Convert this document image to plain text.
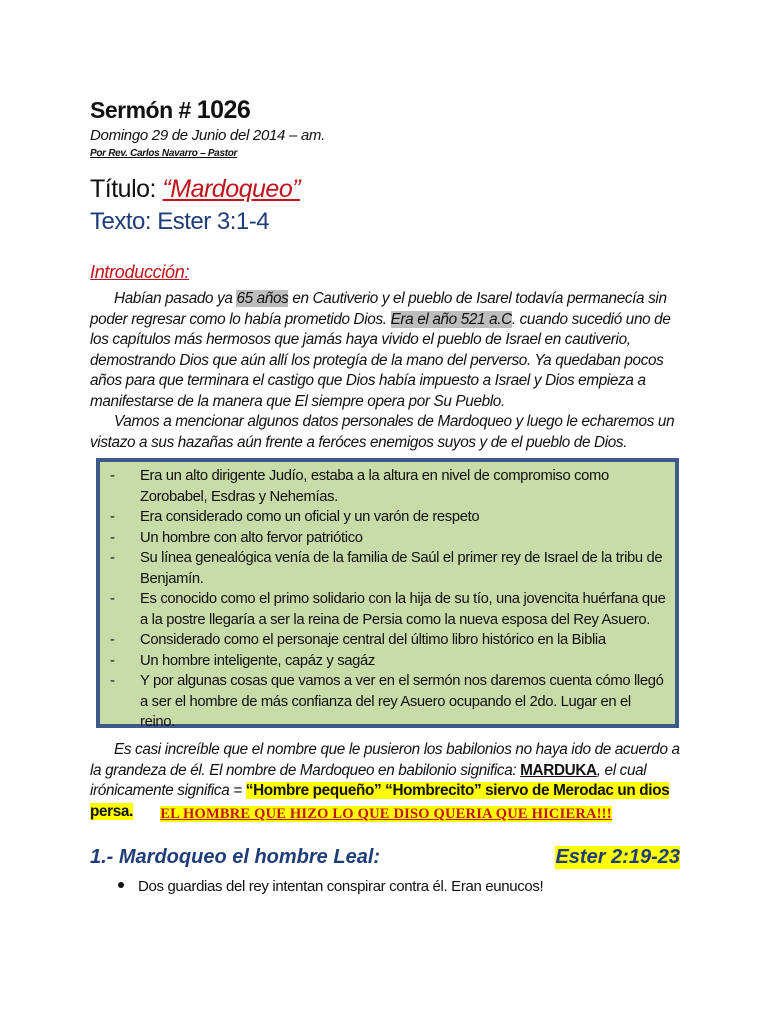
Sermón # 1026
Domingo 29 de Junio del 2014 – am.
Por Rev. Carlos Navarro – Pastor
Título: “Mardoqueo”
Texto: Ester 3:1-4
Introducción:
Habían pasado ya 65 años en Cautiverio y el pueblo de Isarel todavía permanecía sin poder regresar como lo había prometido Dios. Era el año 521 a.C. cuando sucedió uno de los capítulos más hermosos que jamás haya vivido el pueblo de Israel en cautiverio, demostrando Dios que aún allí los protegía de la mano del perverso. Ya quedaban pocos años para que terminara el castigo que Dios había impuesto a Israel y Dios empieza a manifestarse de la manera que El siempre opera por Su Pueblo.
Vamos a mencionar algunos datos personales de Mardoqueo y luego le echaremos un vistazo a sus hazañas aún frente a feróces enemigos suyos y de el pueblo de Dios.
- Era un alto dirigente Judío, estaba a la altura en nivel de compromiso como Zorobabel, Esdras y Nehemías.
- Era considerado como un oficial y un varón de respeto
- Un hombre con alto fervor patriótico
- Su línea genealógica venía de la familia de Saúl el primer rey de Israel de la tribu de Benjamín.
- Es conocido como el primo solidario con la hija de su tío, una jovencita huérfana que a la postre llegaría a ser la reina de Persia como la nueva esposa del Rey Asuero.
- Considerado como el personaje central del último libro histórico en la Biblia
- Un hombre inteligente, capáz y sagáz
- Y por algunas cosas que vamos a ver en el sermón nos daremos cuenta cómo llegó a ser el hombre de más confianza del rey Asuero ocupando el 2do. Lugar en el reino.
Es casi increíble que el nombre que le pusieron los babilonios no haya ido de acuerdo a la grandeza de él. El nombre de Mardoqueo en babilonio significa: MARDUKA, el cual irónicamente significa = “Hombre pequeño” “Hombrecito” siervo de Merodac un dios persa.	EL HOMBRE QUE HIZO LO QUE DISO QUERIA QUE HICIERA!!!
1.- Mardoqueo el hombre Leal:	Ester 2:19-23
Dos guardias del rey intentan conspirar contra él. Eran eunucos!
